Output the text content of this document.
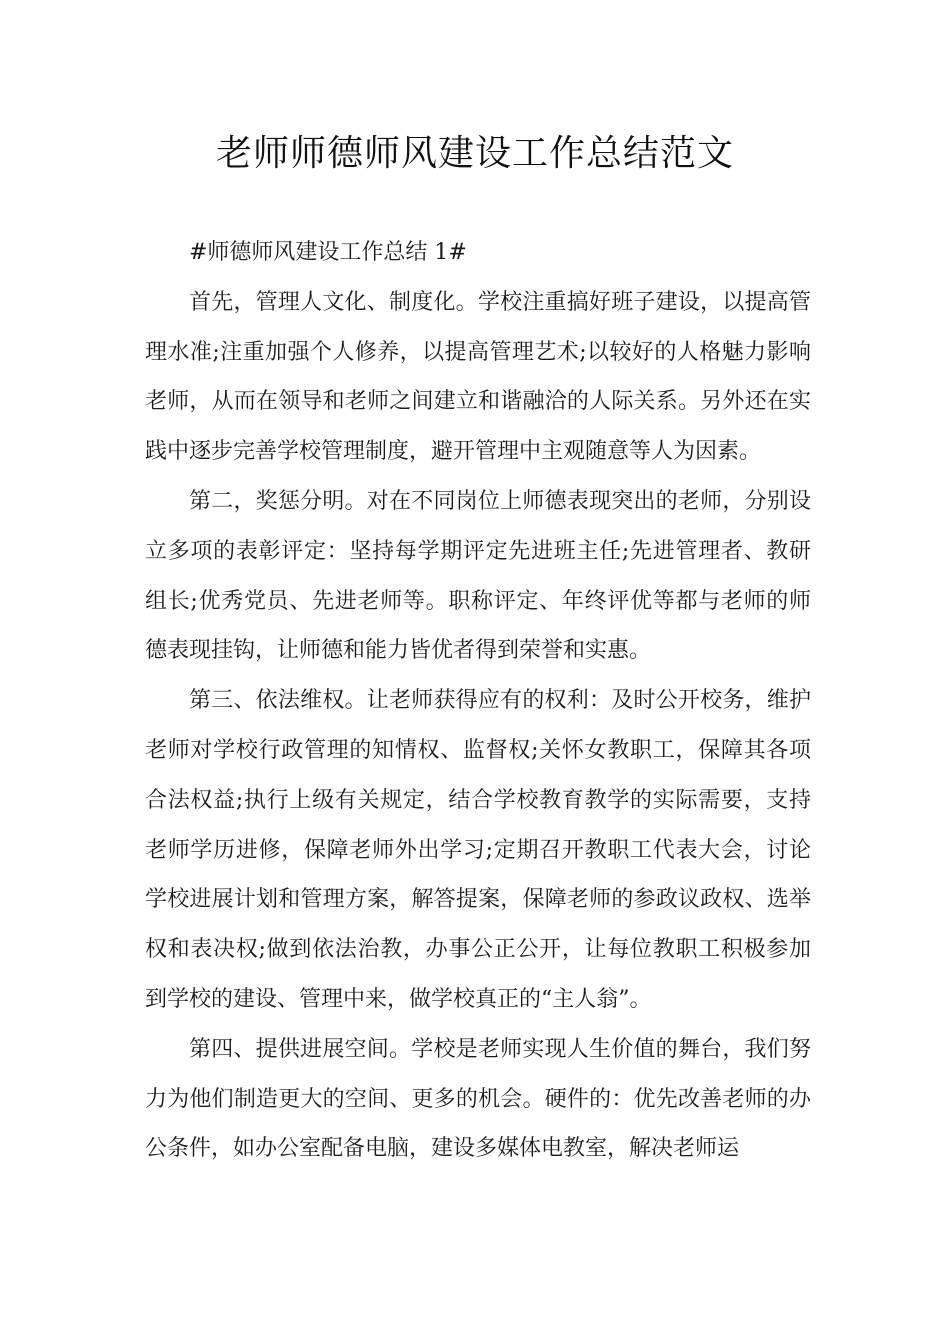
老师师德师风建设工作总结范文

#师德师风建设工作总结 1#

首先，管理人文化、制度化。学校注重搞好班子建设，以提高管理水准;注重加强个人修养，以提高管理艺术;以较好的人格魅力影响老师，从而在领导和老师之间建立和谐融洽的人际关系。另外还在实践中逐步完善学校管理制度，避开管理中主观随意等人为因素。

第二，奖惩分明。对在不同岗位上师德表现突出的老师，分别设立多项的表彰评定：坚持每学期评定先进班主任;先进管理者、教研组长;优秀党员、先进老师等。职称评定、年终评优等都与老师的师德表现挂钩，让师德和能力皆优者得到荣誉和实惠。

第三、依法维权。让老师获得应有的权利：及时公开校务，维护老师对学校行政管理的知情权、监督权;关怀女教职工，保障其各项合法权益;执行上级有关规定，结合学校教育教学的实际需要，支持老师学历进修，保障老师外出学习;定期召开教职工代表大会，讨论学校进展计划和管理方案，解答提案，保障老师的参政议政权、选举权和表决权;做到依法治教，办事公正公开，让每位教职工积极参加到学校的建设、管理中来，做学校真正的“主人翁”。

第四、提供进展空间。学校是老师实现人生价值的舞台，我们努力为他们制造更大的空间、更多的机会。硬件的：优先改善老师的办公条件，如办公室配备电脑，建设多媒体电教室，解决老师运
